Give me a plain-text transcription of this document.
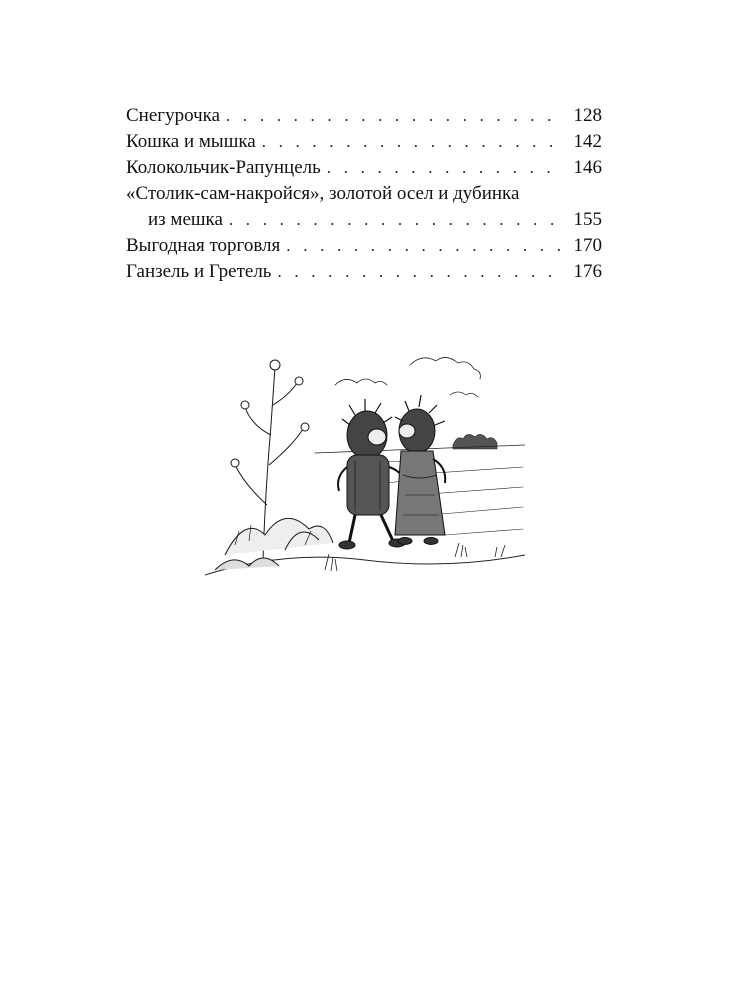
Снегурочка . . .	128
Кошка и мышка . . .	142
Колокольчик-Рапунцель . . .	146
«Столик-сам-накройся», золотой осел и дубинка
из мешка . . .	155
Выгодная торговля . . .	170
Ганзель и Гретель . . .	176
